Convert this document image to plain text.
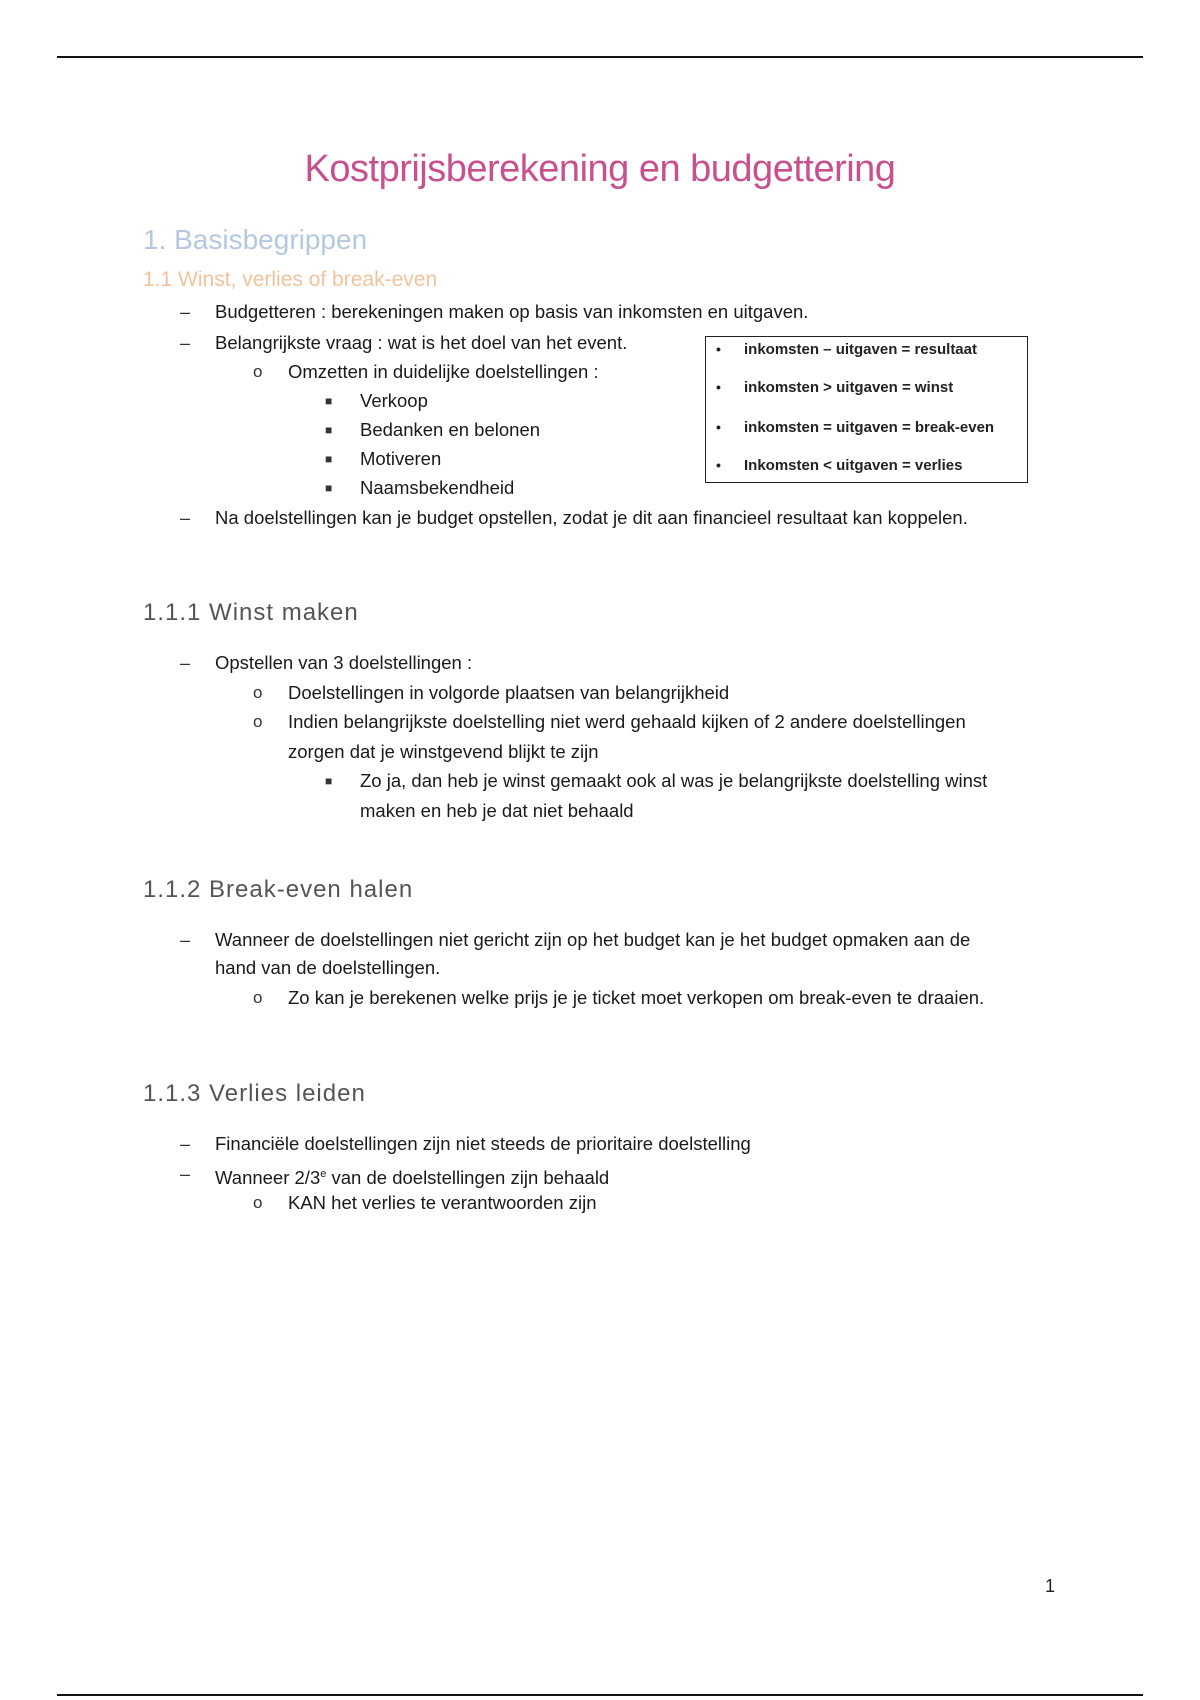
Kostprijsberekening en budgettering
1. Basisbegrippen
1.1 Winst, verlies of break-even
– Budgetteren : berekeningen maken op basis van inkomsten en uitgaven.
– Belangrijkste vraag : wat is het doel van het event.
o Omzetten in duidelijke doelstellingen :
■ Verkoop
■ Bedanken en belonen
■ Motiveren
■ Naamsbekendheid
– Na doelstellingen kan je budget opstellen, zodat je dit aan financieel resultaat kan koppelen.
• inkomsten – uitgaven = resultaat
• inkomsten > uitgaven = winst
• inkomsten = uitgaven = break-even
• Inkomsten < uitgaven = verlies
1.1.1 Winst maken
– Opstellen van 3 doelstellingen :
o Doelstellingen in volgorde plaatsen van belangrijkheid
o Indien belangrijkste doelstelling niet werd gehaald kijken of 2 andere doelstellingen
zorgen dat je winstgevend blijkt te zijn
■ Zo ja, dan heb je winst gemaakt ook al was je belangrijkste doelstelling winst
maken en heb je dat niet behaald
1.1.2 Break-even halen
– Wanneer de doelstellingen niet gericht zijn op het budget kan je het budget opmaken aan de
hand van de doelstellingen.
o Zo kan je berekenen welke prijs je je ticket moet verkopen om break-even te draaien.
1.1.3 Verlies leiden
– Financiële doelstellingen zijn niet steeds de prioritaire doelstelling
– Wanneer 2/3e van de doelstellingen zijn behaald
o KAN het verlies te verantwoorden zijn
1
